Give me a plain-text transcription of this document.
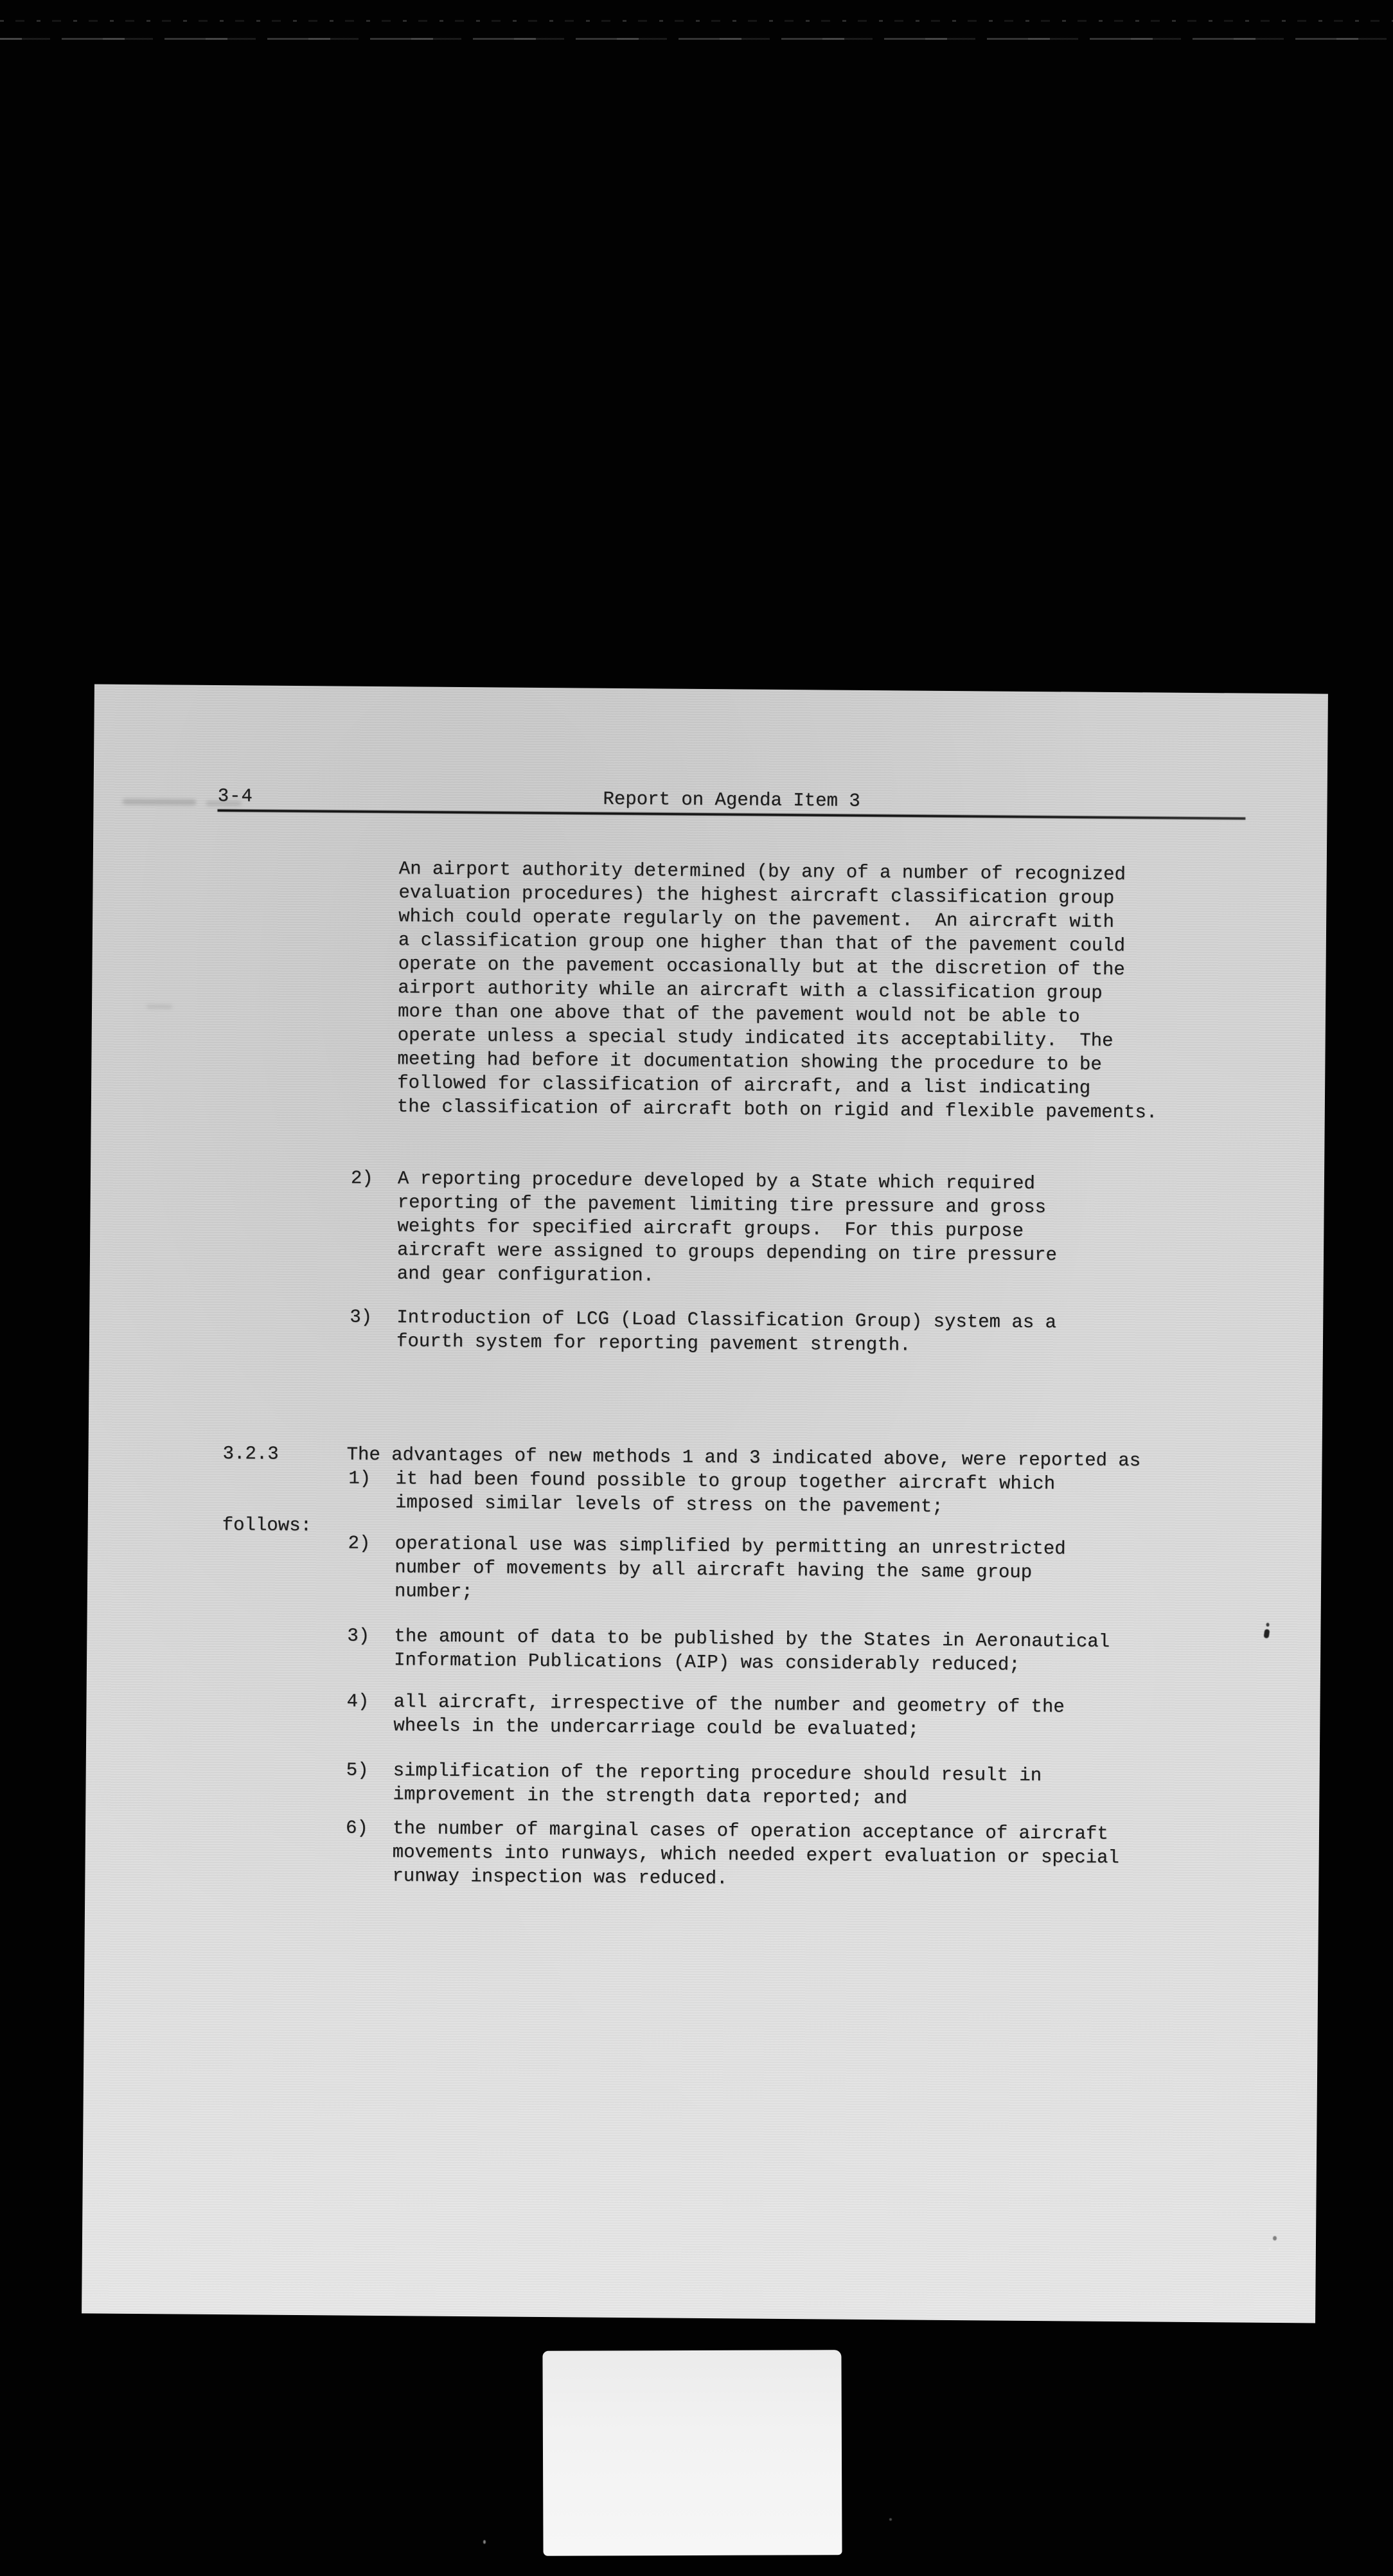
3-4	Report on Agenda Item 3
An airport authority determined (by any of a number of recognized
evaluation procedures) the highest aircraft classification group
which could operate regularly on the pavement.  An aircraft with
a classification group one higher than that of the pavement could
operate on the pavement occasionally but at the discretion of the
airport authority while an aircraft with a classification group
more than one above that of the pavement would not be able to
operate unless a special study indicated its acceptability.  The
meeting had before it documentation showing the procedure to be
followed for classification of aircraft, and a list indicating
the classification of aircraft both on rigid and flexible pavements.
2)	A reporting procedure developed by a State which required
reporting of the pavement limiting tire pressure and gross
weights for specified aircraft groups.  For this purpose
aircraft were assigned to groups depending on tire pressure
and gear configuration.
3)	Introduction of LCG (Load Classification Group) system as a
fourth system for reporting pavement strength.

3.2.3	The advantages of new methods 1 and 3 indicated above, were reported as

follows:

1)	it had been found possible to group together aircraft which
imposed similar levels of stress on the pavement;
2)	operational use was simplified by permitting an unrestricted
number of movements by all aircraft having the same group
number;
3)	the amount of data to be published by the States in Aeronautical
Information Publications (AIP) was considerably reduced;
4)	all aircraft, irrespective of the number and geometry of the
wheels in the undercarriage could be evaluated;
5)	simplification of the reporting procedure should result in
improvement in the strength data reported; and
6)	the number of marginal cases of operation acceptance of aircraft
movements into runways, which needed expert evaluation or special
runway inspection was reduced.
